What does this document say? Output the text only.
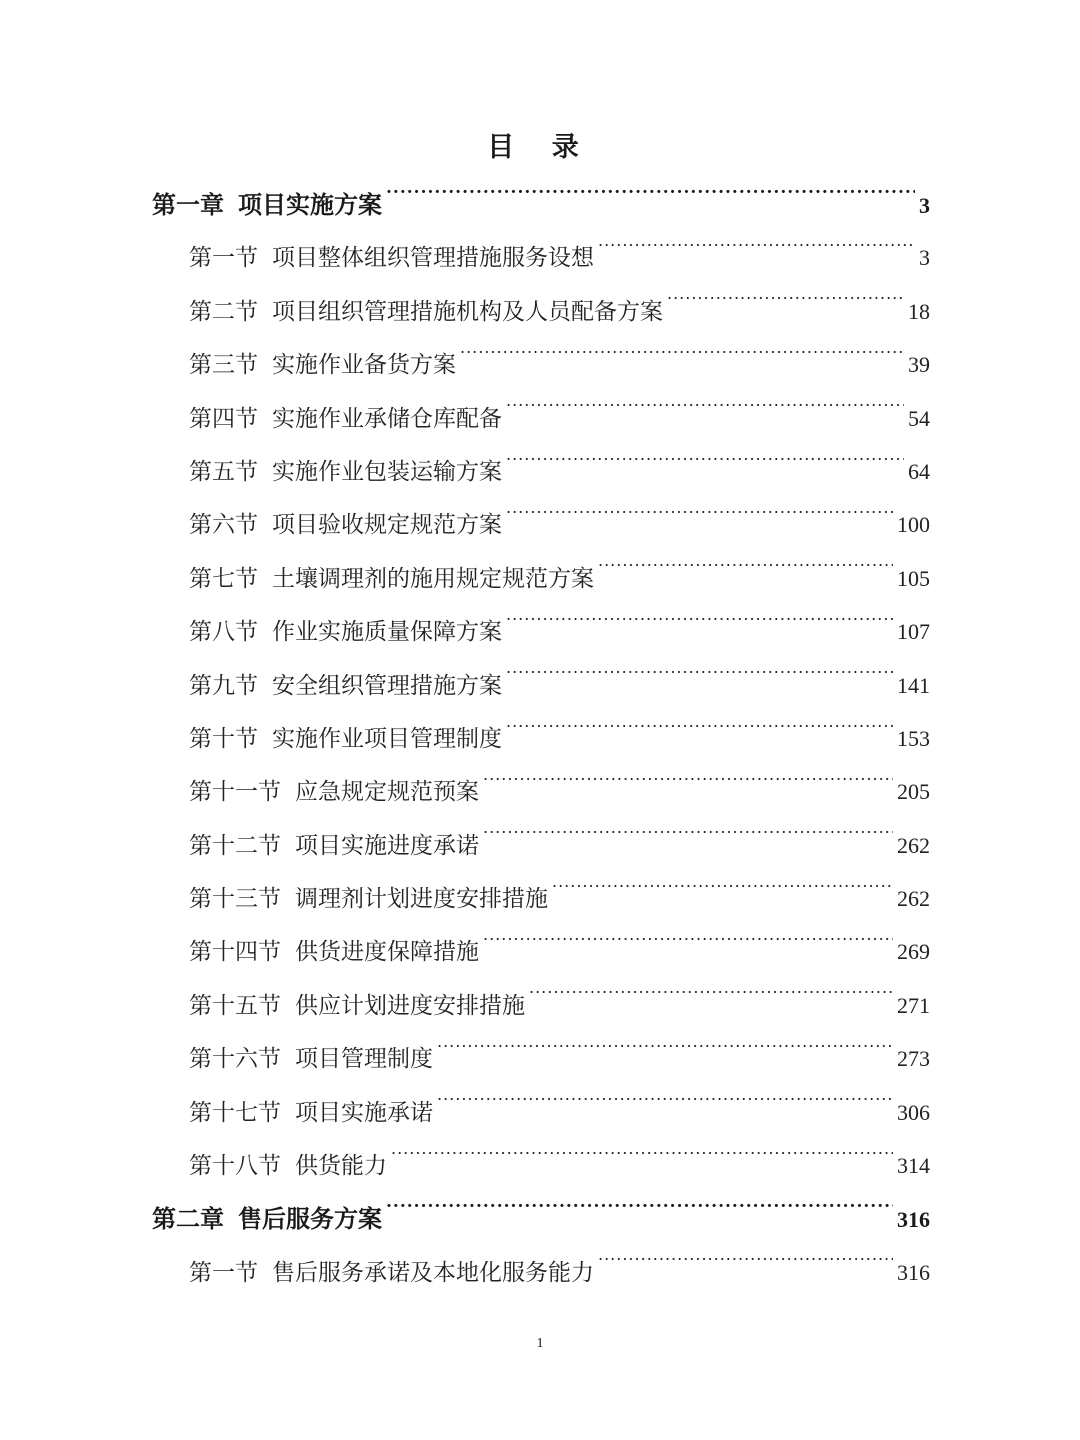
目 录
第一章 项目实施方案 .....	3
第一节 项目整体组织管理措施服务设想 .....	3
第二节 项目组织管理措施机构及人员配备方案 .....	18
第三节 实施作业备货方案 .....	39
第四节 实施作业承储仓库配备 .....	54
第五节 实施作业包装运输方案 .....	64
第六节 项目验收规定规范方案 .....	100
第七节 土壤调理剂的施用规定规范方案 .....	105
第八节 作业实施质量保障方案 .....	107
第九节 安全组织管理措施方案 .....	141
第十节 实施作业项目管理制度 .....	153
第十一节 应急规定规范预案 .....	205
第十二节 项目实施进度承诺 .....	262
第十三节 调理剂计划进度安排措施 .....	262
第十四节 供货进度保障措施 .....	269
第十五节 供应计划进度安排措施 .....	271
第十六节 项目管理制度 .....	273
第十七节 项目实施承诺 .....	306
第十八节 供货能力 .....	314
第二章 售后服务方案 .....	316
第一节 售后服务承诺及本地化服务能力 .....	316
1
